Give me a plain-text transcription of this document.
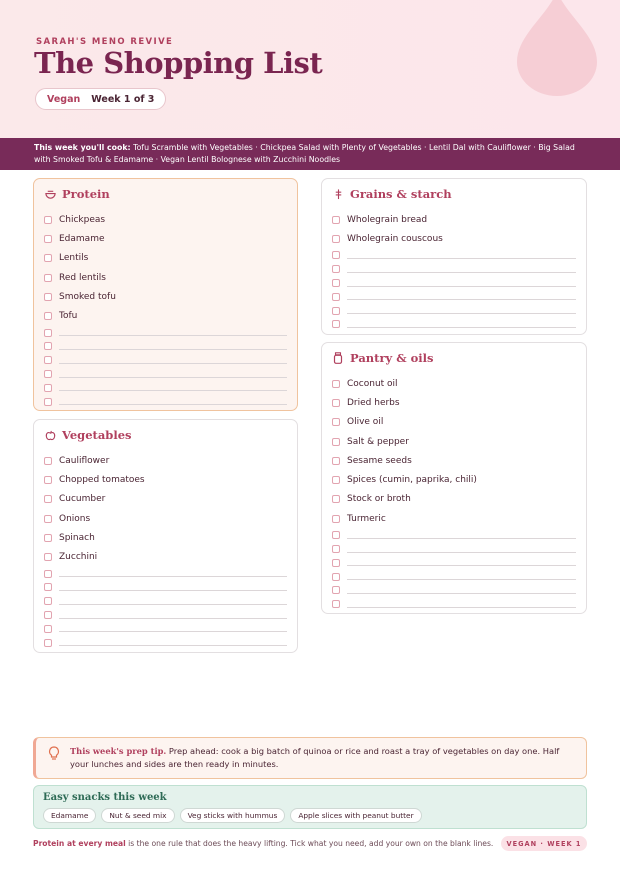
SARAH'S MENO REVIVE
The Shopping List
Vegan Week 1 of 3
This week you'll cook: Tofu Scramble with Vegetables · Chickpea Salad with Plenty of Vegetables · Lentil Dal with Cauliflower · Big Salad with Smoked Tofu & Edamame · Vegan Lentil Bolognese with Zucchini Noodles
Protein
Chickpeas
Edamame
Lentils
Red lentils
Smoked tofu
Tofu
Vegetables
Cauliflower
Chopped tomatoes
Cucumber
Onions
Spinach
Zucchini
Grains & starch
Wholegrain bread
Wholegrain couscous
Pantry & oils
Coconut oil
Dried herbs
Olive oil
Salt & pepper
Sesame seeds
Spices (cumin, paprika, chili)
Stock or broth
Turmeric
This week's prep tip. Prep ahead: cook a big batch of quinoa or rice and roast a tray of vegetables on day one. Half your lunches and sides are then ready in minutes.
Easy snacks this week
Edamame	Nut & seed mix	Veg sticks with hummus	Apple slices with peanut butter
Protein at every meal is the one rule that does the heavy lifting. Tick what you need, add your own on the blank lines.	VEGAN · WEEK 1
